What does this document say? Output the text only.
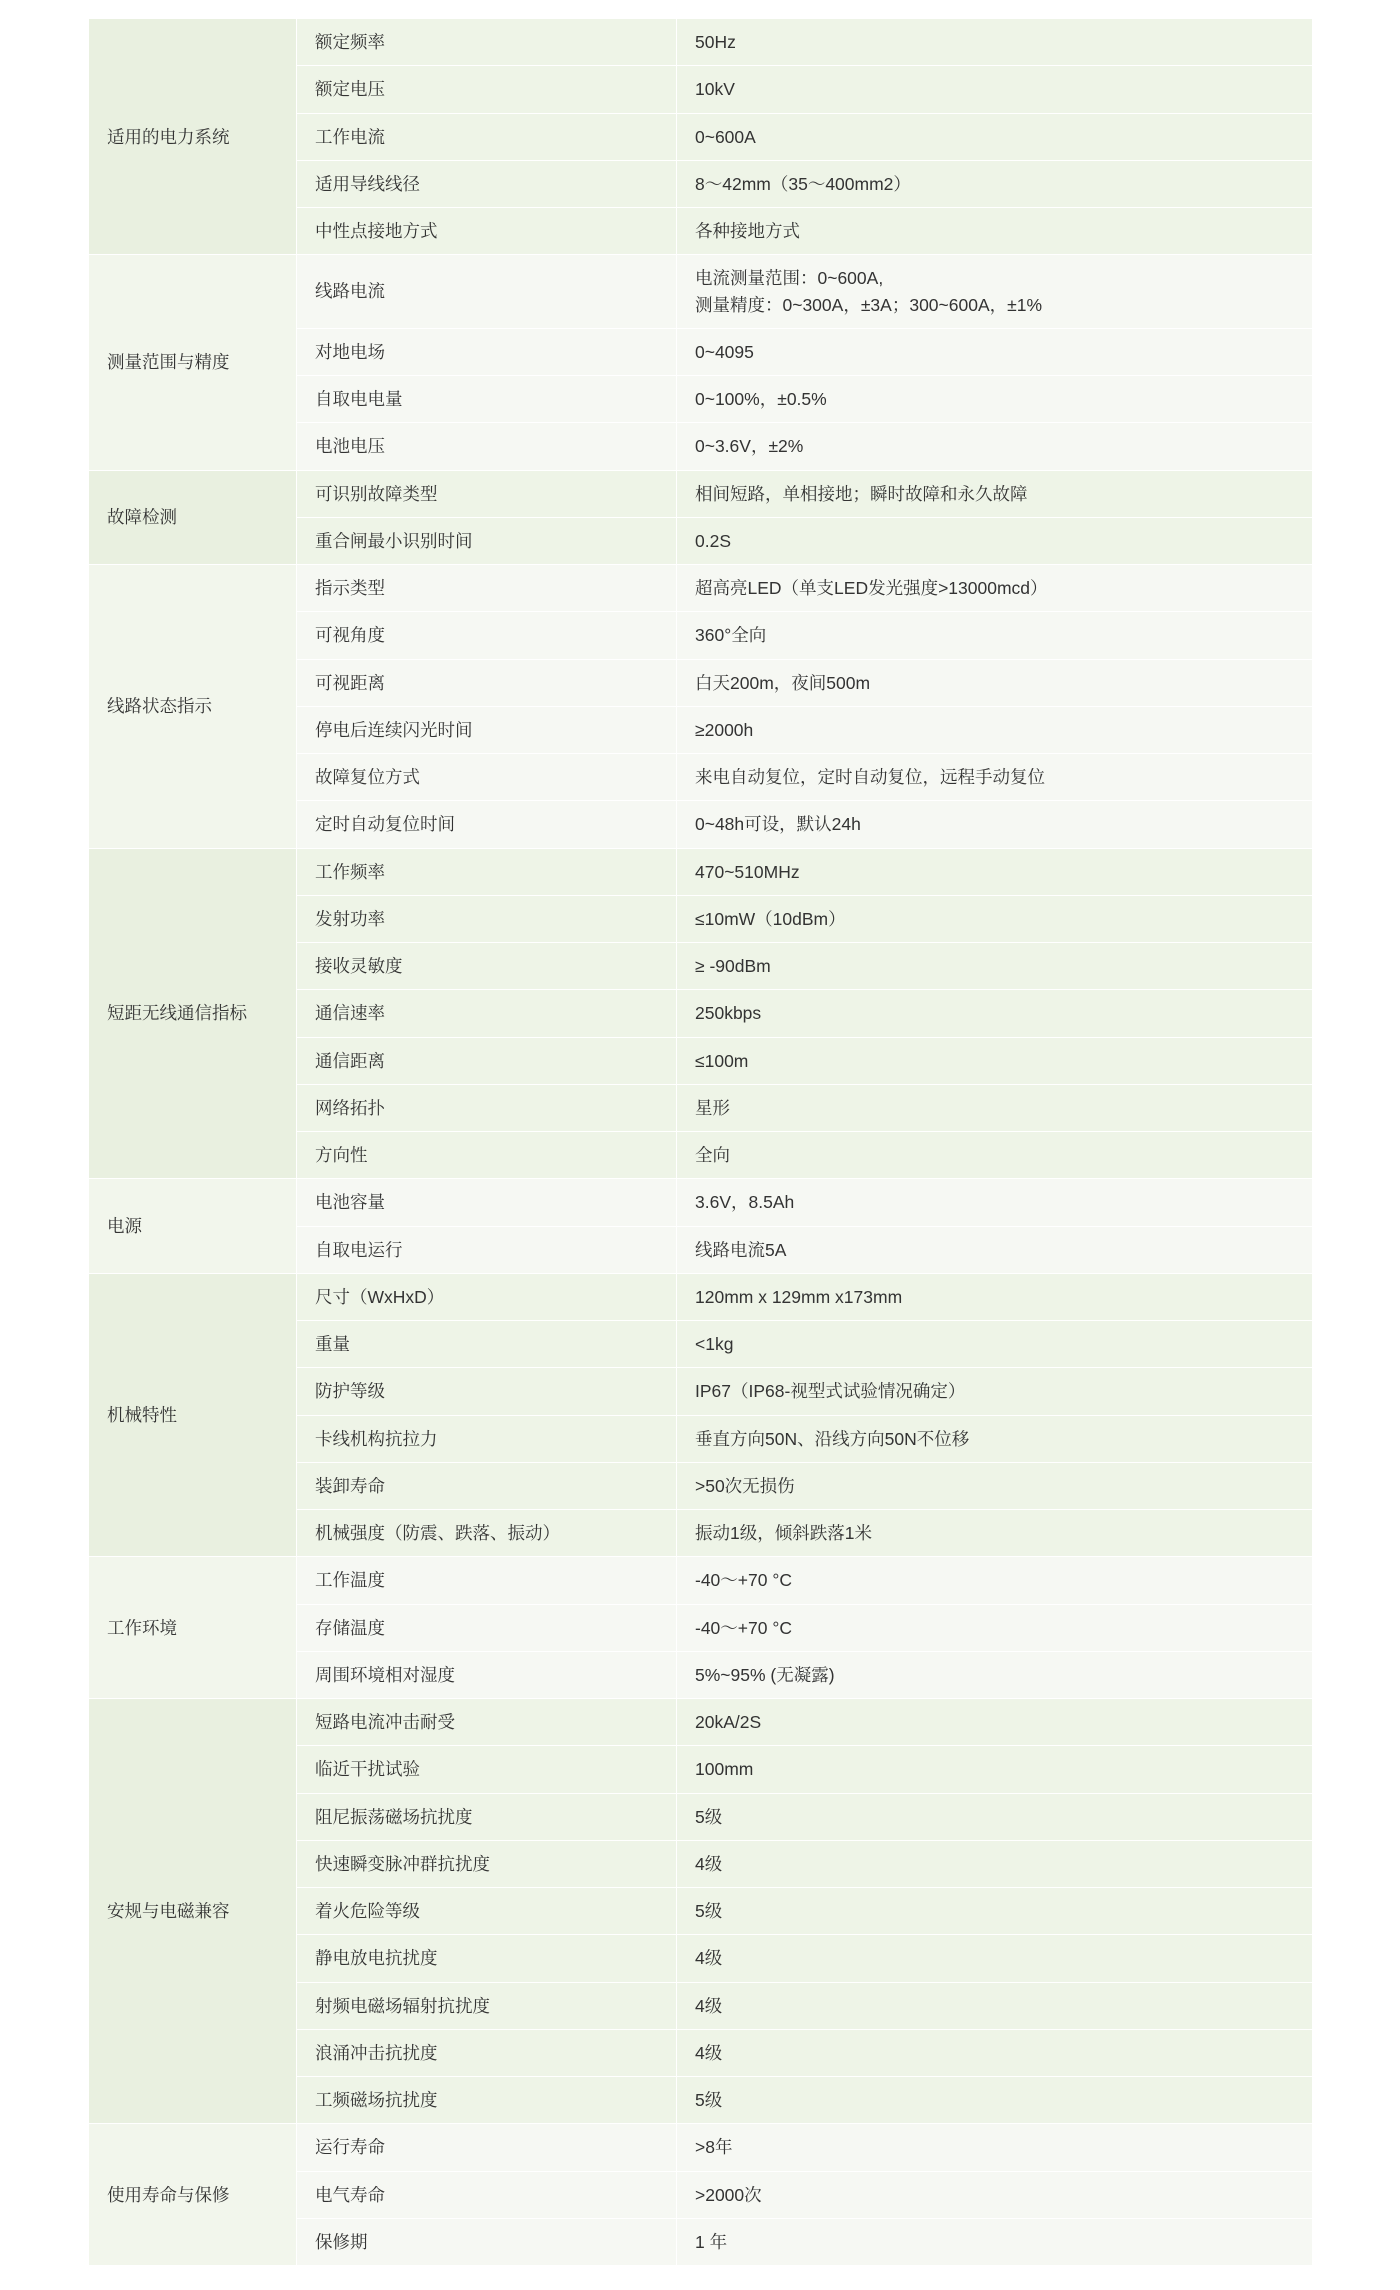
适用的电力系统	额定频率	50Hz

	额定电压	10kV

	工作电流	0~600A

	适用导线线径	8～42mm（35～400mm2）

	中性点接地方式	各种接地方式

测量范围与精度	线路电流	电流测量范围：0~600A,
测量精度：0~300A，±3A；300~600A，±1%

	对地电场	0~4095

	自取电电量	0~100%，±0.5%

	电池电压	0~3.6V，±2%

故障检测	可识别故障类型	相间短路，单相接地；瞬时故障和永久故障

	重合闸最小识别时间	0.2S

线路状态指示	指示类型	超高亮LED（单支LED发光强度>13000mcd）

	可视角度	360°全向

	可视距离	白天200m，夜间500m

	停电后连续闪光时间	≥2000h

	故障复位方式	来电自动复位，定时自动复位，远程手动复位

	定时自动复位时间	0~48h可设，默认24h

短距无线通信指标	工作频率	470~510MHz

	发射功率	≤10mW（10dBm）

	接收灵敏度	≥ -90dBm

	通信速率	250kbps

	通信距离	≤100m

	网络拓扑	星形

	方向性	全向

电源	电池容量	3.6V，8.5Ah

	自取电运行	线路电流5A

机械特性	尺寸（WxHxD）	120mm x 129mm x173mm

	重量	<1kg

	防护等级	IP67（IP68-视型式试验情况确定）

	卡线机构抗拉力	垂直方向50N、沿线方向50N不位移

	装卸寿命	>50次无损伤

	机械强度（防震、跌落、振动）	振动1级，倾斜跌落1米

工作环境	工作温度	-40～+70 °C

	存储温度	-40～+70 °C

	周围环境相对湿度	5%~95% (无凝露)

安规与电磁兼容	短路电流冲击耐受	20kA/2S

	临近干扰试验	100mm

	阻尼振荡磁场抗扰度	5级

	快速瞬变脉冲群抗扰度	4级

	着火危险等级	5级

	静电放电抗扰度	4级

	射频电磁场辐射抗扰度	4级

	浪涌冲击抗扰度	4级

	工频磁场抗扰度	5级

使用寿命与保修	运行寿命	>8年

	电气寿命	>2000次

	保修期	1 年
